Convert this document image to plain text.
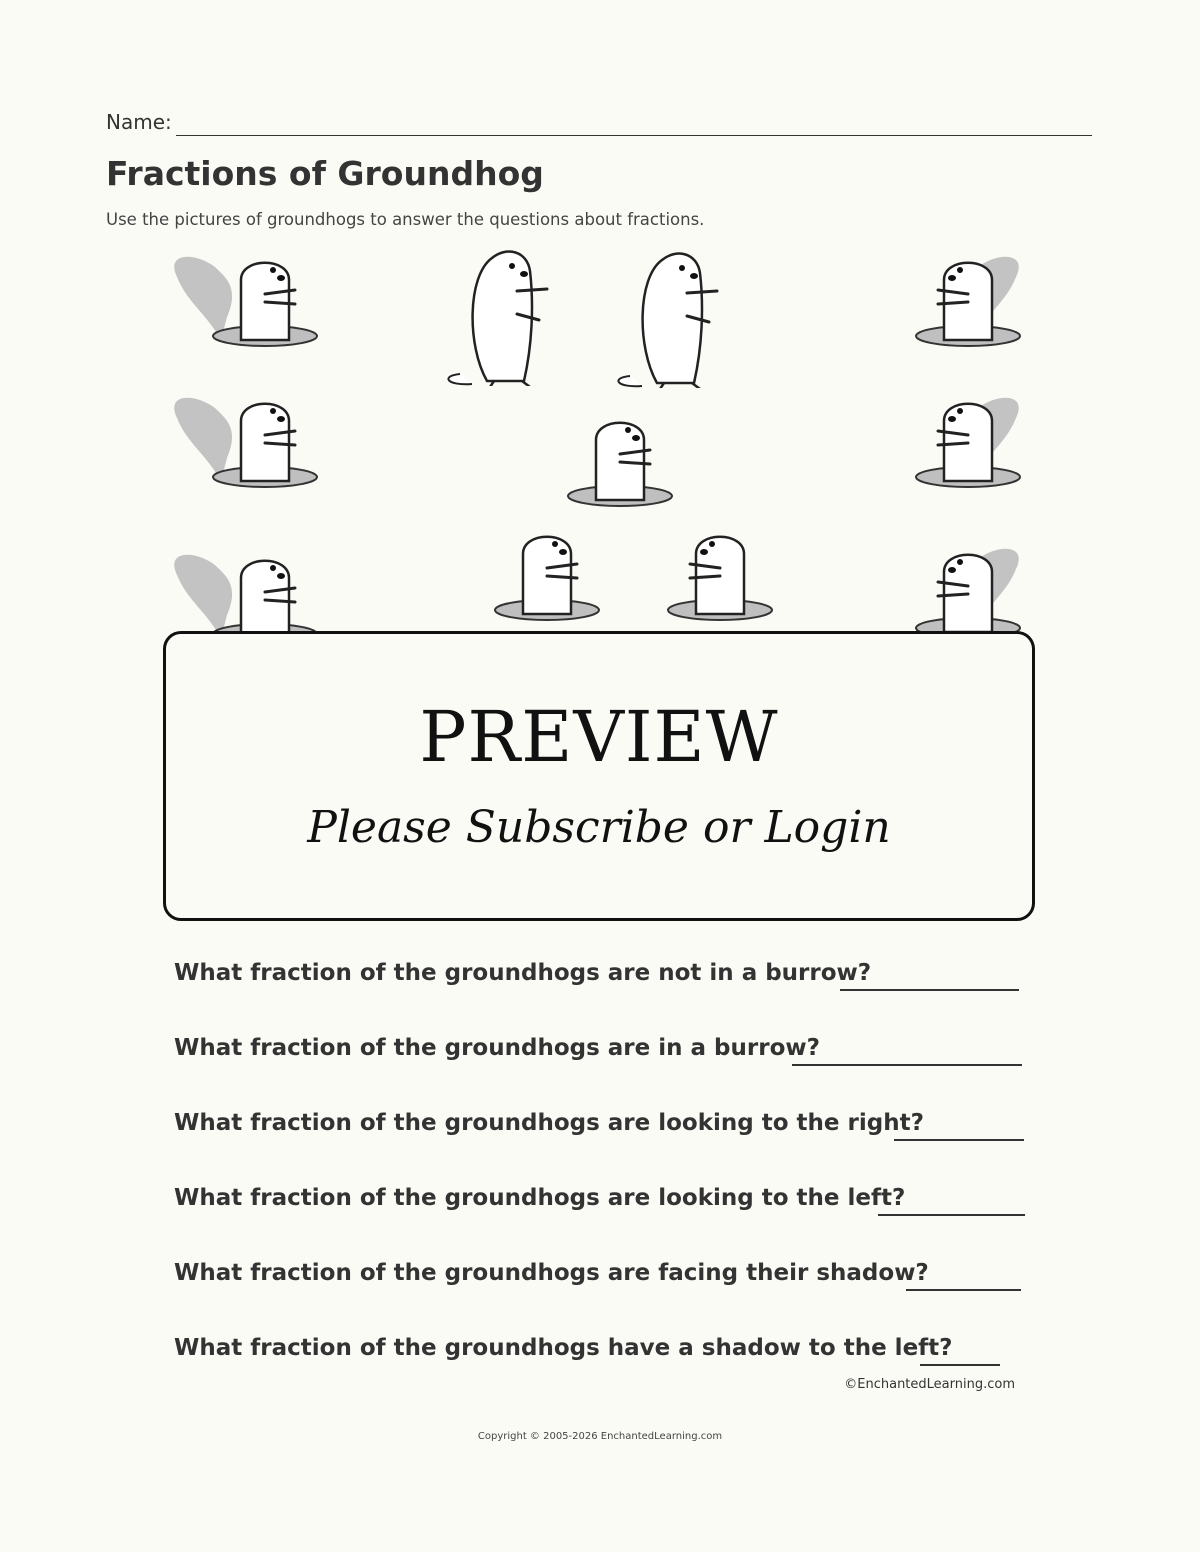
Name:
Fractions of Groundhog
Use the pictures of groundhogs to answer the questions about fractions.
PREVIEW
Please Subscribe or Login
What fraction of the groundhogs are not in a burrow?
What fraction of the groundhogs are in a burrow?
What fraction of the groundhogs are looking to the right?
What fraction of the groundhogs are looking to the left?
What fraction of the groundhogs are facing their shadow?
What fraction of the groundhogs have a shadow to the left?
©EnchantedLearning.com
Copyright © 2005-2026 EnchantedLearning.com
